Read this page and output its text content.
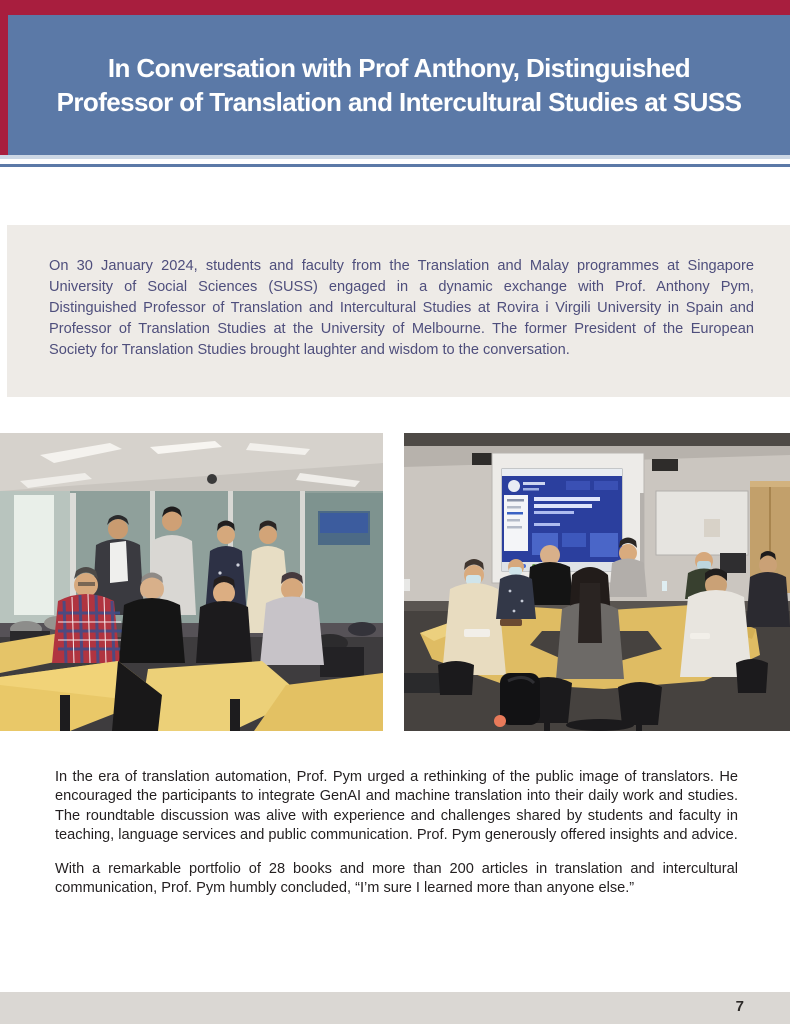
In Conversation with Prof Anthony, Distinguished
Professor of Translation and Intercultural Studies at SUSS

On 30 January 2024, students and faculty from the Translation and Malay programmes at Singapore University of Social Sciences (SUSS) engaged in a dynamic exchange with Prof. Anthony Pym, Distinguished Professor of Translation and Intercultural Studies at Rovira i Virgili University in Spain and Professor of Translation Studies at the University of Melbourne. The former President of the European Society for Translation Studies brought laughter and wisdom to the conversation.

In the era of translation automation, Prof. Pym urged a rethinking of the public image of translators. He encouraged the participants to integrate GenAI and machine translation into their daily work and studies. The roundtable discussion was alive with experience and challenges shared by students and faculty in teaching, language services and public communication. Prof. Pym generously offered insights and advice.

With a remarkable portfolio of 28 books and more than 200 articles in translation and intercultural communication, Prof. Pym humbly concluded, “I’m sure I learned more than anyone else.”

7
